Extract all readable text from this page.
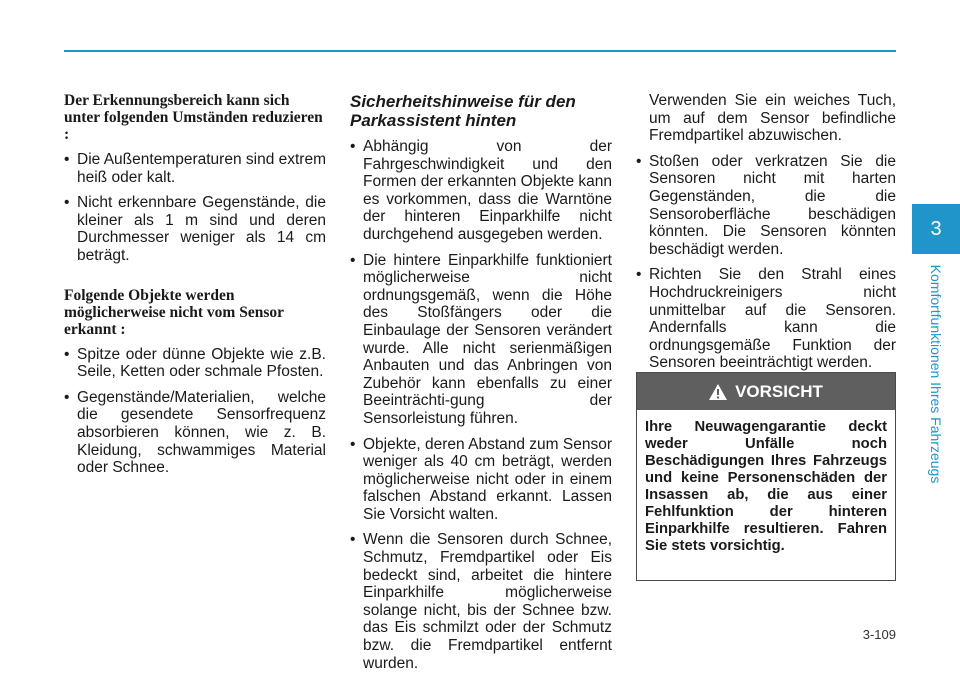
Der Erkennungsbereich kann sich unter folgenden Umständen reduzieren :

• Die Außentemperaturen sind extrem heiß oder kalt.
• Nicht erkennbare Gegenstände, die kleiner als 1 m sind und deren Durchmesser weniger als 14 cm beträgt.

Folgende Objekte werden möglicherweise nicht vom Sensor erkannt :

• Spitze oder dünne Objekte wie z.B. Seile, Ketten oder schmale Pfosten.
• Gegenstände/Materialien, welche die gesendete Sensorfrequenz absorbieren können, wie z. B. Kleidung, schwammiges Material oder Schnee.

Sicherheitshinweise für den Parkassistent hinten

• Abhängig von der Fahrgeschwindigkeit und den Formen der erkannten Objekte kann es vorkommen, dass die Warntöne der hinteren Einparkhilfe nicht durchgehend ausgegeben werden.
• Die hintere Einparkhilfe funktioniert möglicherweise nicht ordnungsgemäß, wenn die Höhe des Stoßfängers oder die Einbaulage der Sensoren verändert wurde. Alle nicht serienmäßigen Anbauten und das Anbringen von Zubehör kann ebenfalls zu einer Beeinträchti-gung der Sensorleistung führen.
• Objekte, deren Abstand zum Sensor weniger als 40 cm beträgt, werden möglicherweise nicht oder in einem falschen Abstand erkannt. Lassen Sie Vorsicht walten.
• Wenn die Sensoren durch Schnee, Schmutz, Fremdpartikel oder Eis bedeckt sind, arbeitet die hintere Einparkhilfe möglicherweise solange nicht, bis der Schnee bzw. das Eis schmilzt oder der Schmutz bzw. die Fremdpartikel entfernt wurden.

Verwenden Sie ein weiches Tuch, um auf dem Sensor befindliche Fremdpartikel abzuwischen.

• Stoßen oder verkratzen Sie die Sensoren nicht mit harten Gegenständen, die die Sensoroberfläche beschädigen könnten. Die Sensoren könnten beschädigt werden.
• Richten Sie den Strahl eines Hochdruckreinigers nicht unmittelbar auf die Sensoren. Andernfalls kann die ordnungsgemäße Funktion der Sensoren beeinträchtigt werden.
VORSICHT
Ihre Neuwagengarantie deckt weder Unfälle noch Beschädigungen Ihres Fahrzeugs und keine Personenschäden der Insassen ab, die aus einer Fehlfunktion der hinteren Einparkhilfe resultieren. Fahren Sie stets vorsichtig.
3
Komfortfunktionen Ihres Fahrzeugs
3-109
